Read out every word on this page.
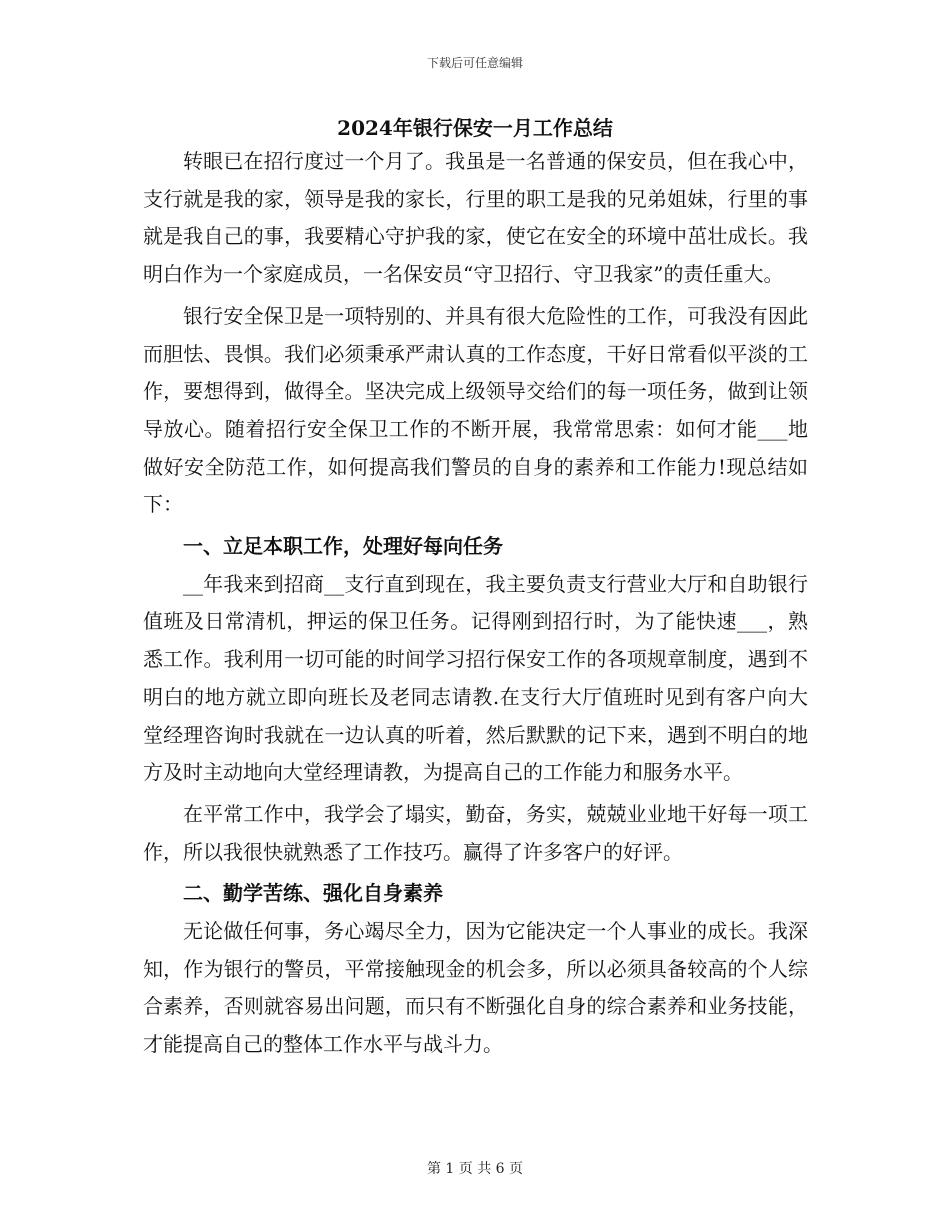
下载后可任意编辑
2024年银行保安一月工作总结

转眼已在招行度过一个月了。我虽是一名普通的保安员，但在我心中，支行就是我的家，领导是我的家长，行里的职工是我的兄弟姐妹，行里的事就是我自己的事，我要精心守护我的家，使它在安全的环境中茁壮成长。我明白作为一个家庭成员，一名保安员“守卫招行、守卫我家”的责任重大。

银行安全保卫是一项特别的、并具有很大危险性的工作，可我没有因此而胆怯、畏惧。我们必须秉承严肃认真的工作态度，干好日常看似平淡的工作，要想得到，做得全。坚决完成上级领导交给们的每一项任务，做到让领导放心。随着招行安全保卫工作的不断开展，我常常思索：如何才能___地做好安全防范工作，如何提高我们警员的自身的素养和工作能力!现总结如下：

一、立足本职工作，处理好每向任务

__年我来到招商__支行直到现在，我主要负责支行营业大厅和自助银行值班及日常清机，押运的保卫任务。记得刚到招行时，为了能快速___，熟悉工作。我利用一切可能的时间学习招行保安工作的各项规章制度，遇到不明白的地方就立即向班长及老同志请教.在支行大厅值班时见到有客户向大堂经理咨询时我就在一边认真的听着，然后默默的记下来，遇到不明白的地方及时主动地向大堂经理请教，为提高自己的工作能力和服务水平。

在平常工作中，我学会了塌实，勤奋，务实，兢兢业业地干好每一项工作，所以我很快就熟悉了工作技巧。赢得了许多客户的好评。

二、勤学苦练、强化自身素养

无论做任何事，务心竭尽全力，因为它能决定一个人事业的成长。我深知，作为银行的警员，平常接触现金的机会多，所以必须具备较高的个人综合素养，否则就容易出问题，而只有不断强化自身的综合素养和业务技能，才能提高自己的整体工作水平与战斗力。

第 1 页 共 6 页
